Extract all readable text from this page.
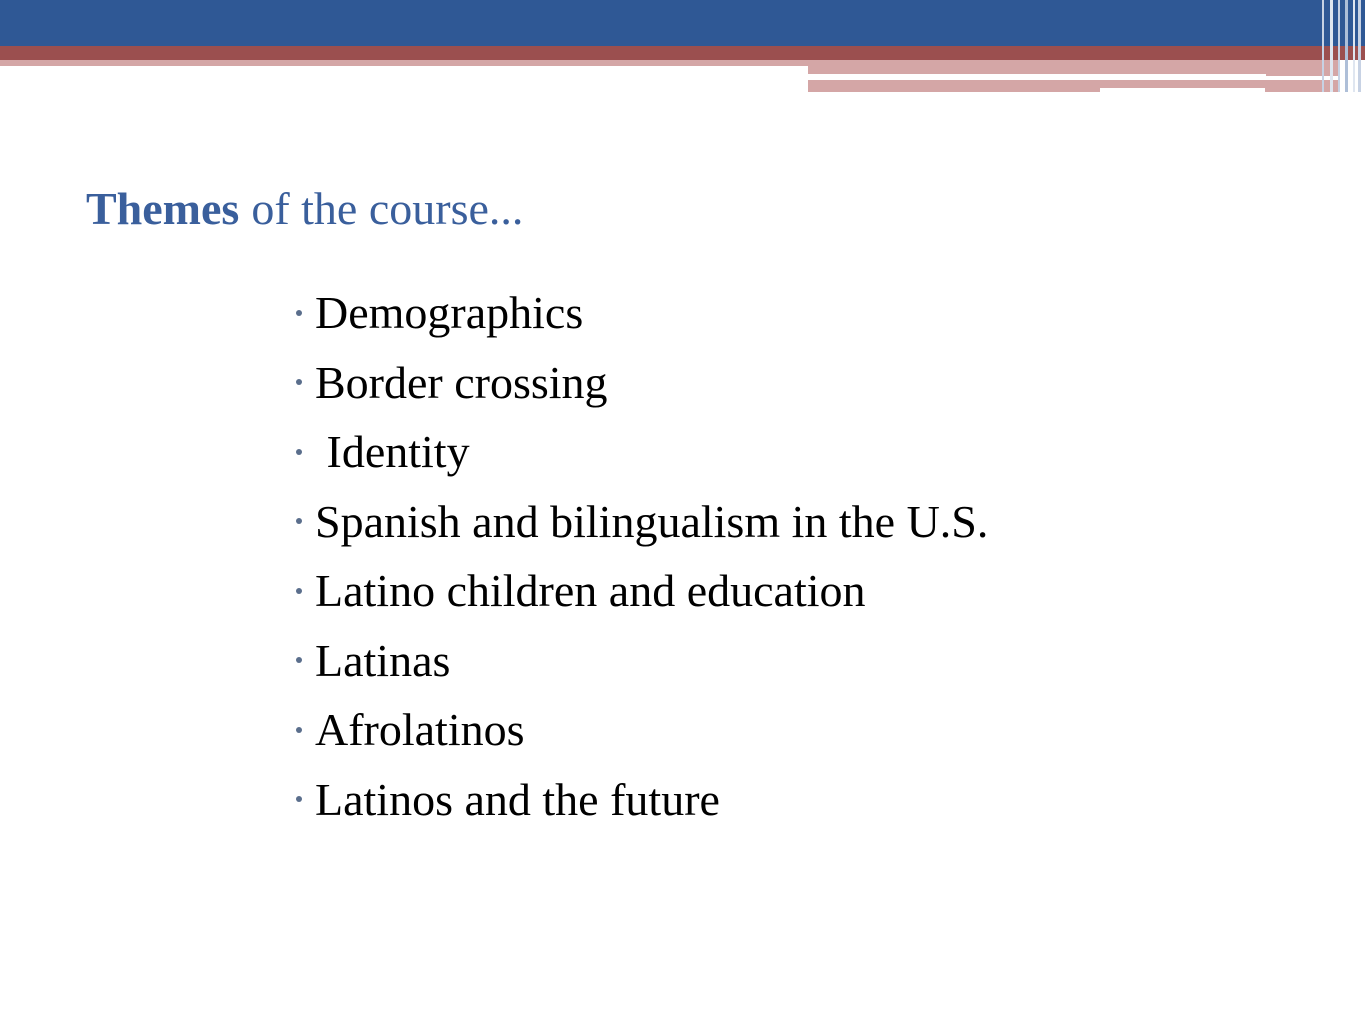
Themes of the course...
Demographics
Border crossing
Identity
Spanish and bilingualism in the U.S.
Latino children and education
Latinas
Afrolatinos
Latinos and the future
